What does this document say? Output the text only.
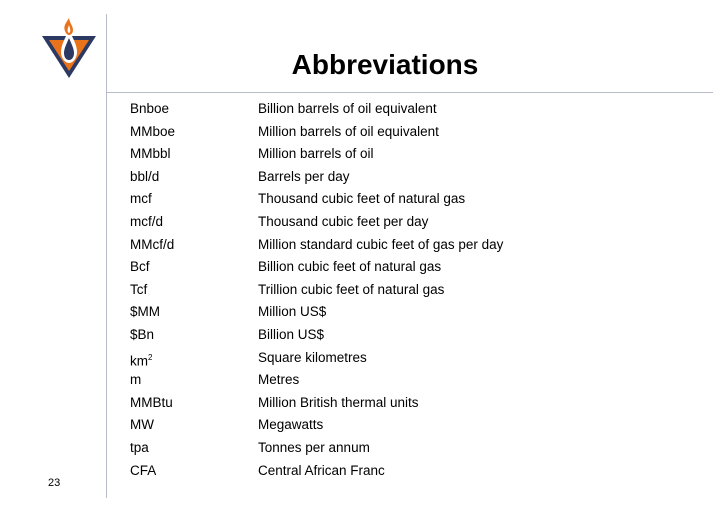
Abbreviations
Bnboe	Billion barrels of oil equivalent
MMboe	Million barrels of oil equivalent
MMbbl	Million barrels of oil
bbl/d	Barrels per day
mcf	Thousand cubic feet of natural gas
mcf/d	Thousand cubic feet per day
MMcf/d	Million standard cubic feet of gas per day
Bcf	Billion cubic feet of natural gas
Tcf	Trillion cubic feet of natural gas
$MM	Million US$
$Bn	Billion US$
$km^2$	Square kilometres
m	Metres
MMBtu	Million British thermal units
MW	Megawatts
tpa	Tonnes per annum
CFA	Central African Franc
23
